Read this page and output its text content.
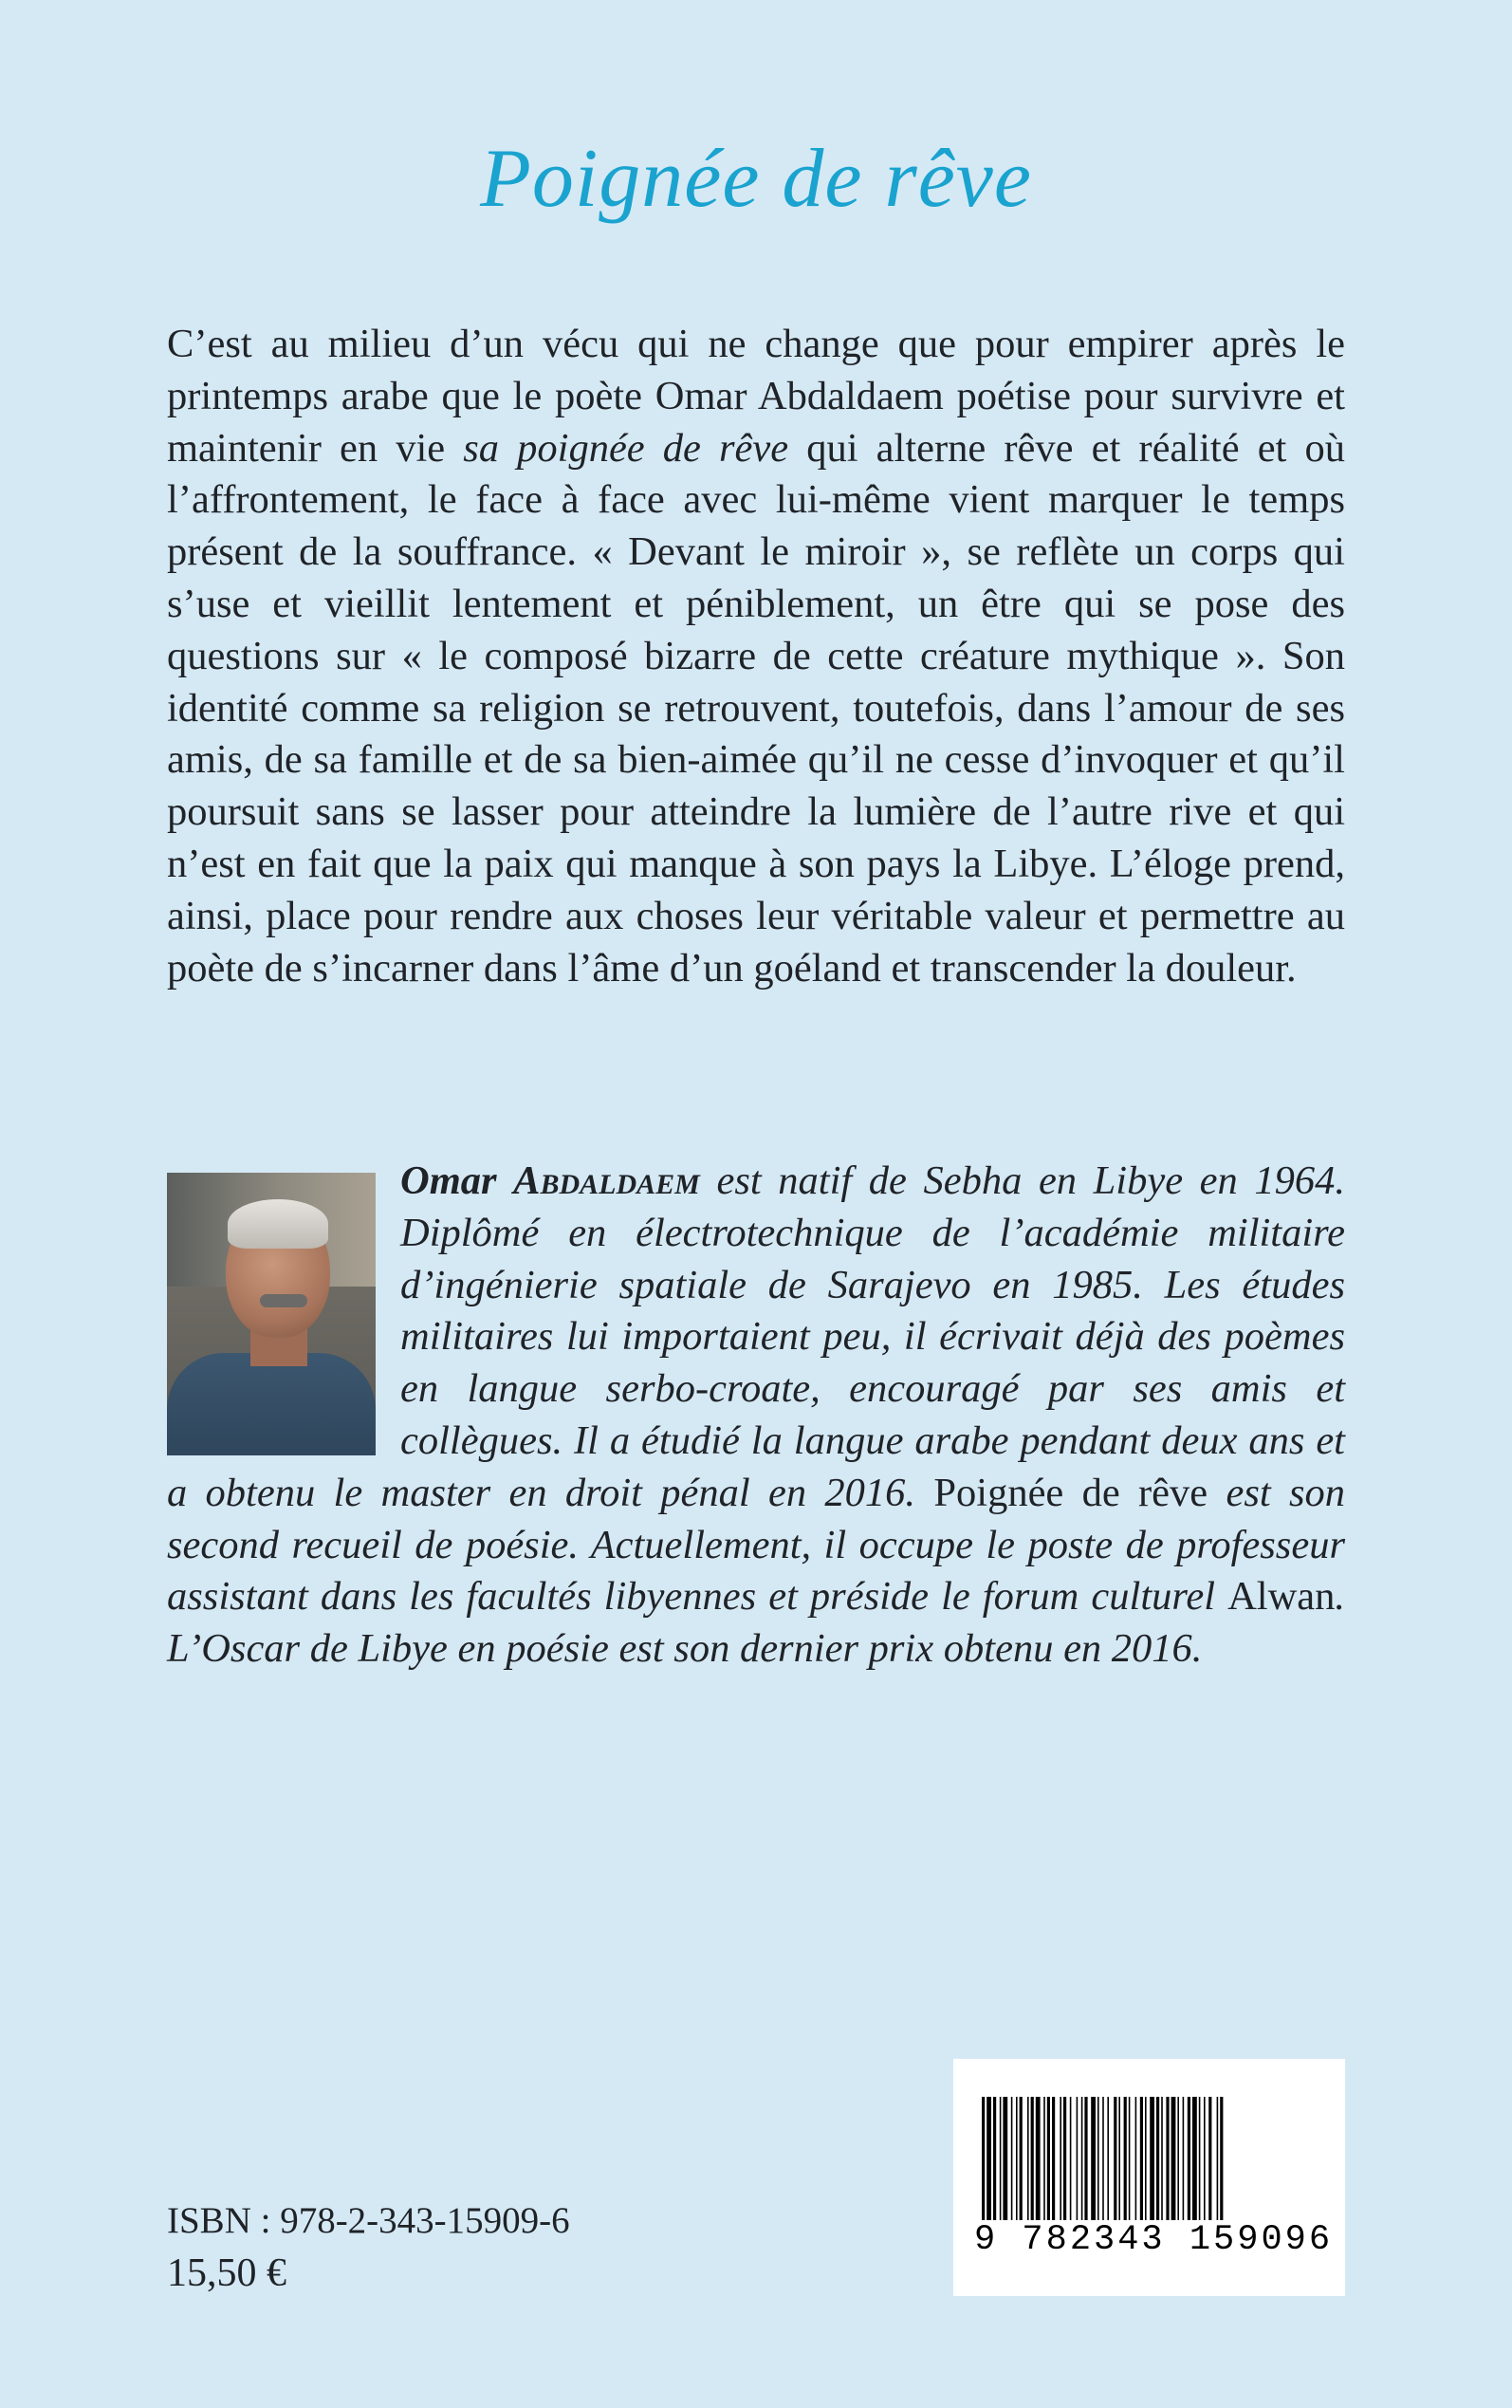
Poignée de rêve

C’est au milieu d’un vécu qui ne change que pour empirer après le printemps arabe que le poète Omar Abdaldaem poétise pour survivre et maintenir en vie sa poignée de rêve qui alterne rêve et réalité et où l’affrontement, le face à face avec lui-même vient marquer le temps présent de la souffrance. « Devant le miroir », se reflète un corps qui s’use et vieillit lentement et péniblement, un être qui se pose des questions sur « le composé bizarre de cette créature mythique ». Son identité comme sa religion se retrouvent, toutefois, dans l’amour de ses amis, de sa famille et de sa bien-aimée qu’il ne cesse d’invoquer et qu’il poursuit sans se lasser pour atteindre la lumière de l’autre rive et qui n’est en fait que la paix qui manque à son pays la Libye. L’éloge prend, ainsi, place pour rendre aux choses leur véritable valeur et permettre au poète de s’incarner dans l’âme d’un goéland et transcender la douleur.

Omar Abdaldaem est natif de Sebha en Libye en 1964. Diplômé en électrotechnique de l’académie militaire d’ingénierie spatiale de Sarajevo en 1985. Les études militaires lui importaient peu, il écrivait déjà des poèmes en langue serbo-croate, encouragé par ses amis et collègues. Il a étudié la langue arabe pendant deux ans et a obtenu le master en droit pénal en 2016. Poignée de rêve est son second recueil de poésie. Actuellement, il occupe le poste de professeur assistant dans les facultés libyennes et préside le forum culturel Alwan. L’Oscar de Libye en poésie est son dernier prix obtenu en 2016.
9 782343 159096
ISBN : 978-2-343-15909-6
15,50 €
